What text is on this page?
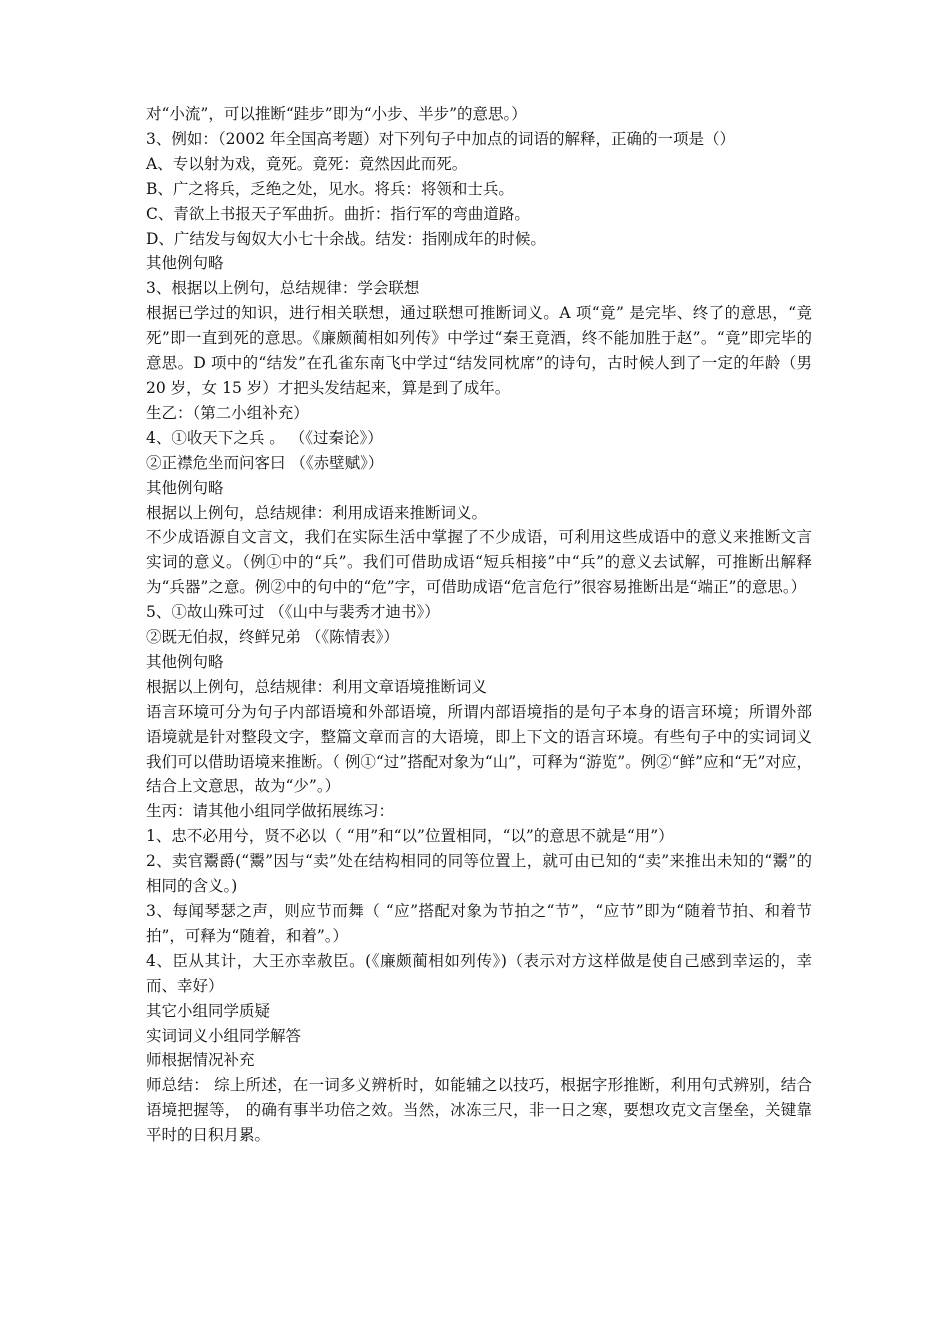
对“小流”，可以推断“跬步”即为“小步、半步”的意思。）

3、例如：（2002 年全国高考题）对下列句子中加点的词语的解释，正确的一项是（）

A、专以射为戏，竟死。竟死：竟然因此而死。

B、广之将兵，乏绝之处，见水。将兵：将领和士兵。

C、青欲上书报天子军曲折。曲折：指行军的弯曲道路。

D、广结发与匈奴大小七十余战。结发：指刚成年的时候。

其他例句略

3、根据以上例句，总结规律：学会联想

根据已学过的知识，进行相关联想，通过联想可推断词义。A 项“竟” 是完毕、终了的意思，“竟死”即一直到死的意思。《廉颇蔺相如列传》中学过“秦王竟酒，终不能加胜于赵”。“竟”即完毕的意思。D 项中的“结发”在孔雀东南飞中学过“结发同枕席”的诗句，古时候人到了一定的年龄（男 20 岁，女 15 岁）才把头发结起来，算是到了成年。

生乙：（第二小组补充）

4、①收天下之兵 。 （《过秦论》）

②正襟危坐而问客曰 （《赤壁赋》）

其他例句略

根据以上例句，总结规律：利用成语来推断词义。

不少成语源自文言文，我们在实际生活中掌握了不少成语，可利用这些成语中的意义来推断文言实词的意义。（例①中的“兵”。我们可借助成语“短兵相接”中“兵”的意义去试解，可推断出解释为“兵器”之意。例②中的句中的“危”字，可借助成语“危言危行”很容易推断出是“端正”的意思。）

5、①故山殊可过 （《山中与裴秀才迪书》）

②既无伯叔，终鲜兄弟 （《陈情表》）

其他例句略

根据以上例句，总结规律：利用文章语境推断词义

语言环境可分为句子内部语境和外部语境，所谓内部语境指的是句子本身的语言环境；所谓外部语境就是针对整段文字，整篇文章而言的大语境，即上下文的语言环境。有些句子中的实词词义我们可以借助语境来推断。（ 例①“过”搭配对象为“山”，可释为“游览”。例②“鲜”应和“无”对应，结合上文意思，故为“少”。）

生丙：请其他小组同学做拓展练习：

1、忠不必用兮，贤不必以（ “用”和“以”位置相同，“以”的意思不就是“用”）

2、卖官鬻爵(“鬻”因与“卖”处在结构相同的同等位置上，就可由已知的“卖”来推出未知的“鬻”的相同的含义。)

3、每闻琴瑟之声，则应节而舞（ “应”搭配对象为节拍之“节”，“应节”即为“随着节拍、和着节拍”，可释为“随着，和着”。）

4、臣从其计，大王亦幸赦臣。(《廉颇蔺相如列传》)（表示对方这样做是使自己感到幸运的，幸而、幸好）

其它小组同学质疑

实词词义小组同学解答

师根据情况补充

师总结： 综上所述，在一词多义辨析时，如能辅之以技巧，根据字形推断，利用句式辨别，结合语境把握等， 的确有事半功倍之效。当然，冰冻三尺，非一日之寒，要想攻克文言堡垒，关键靠平时的日积月累。
